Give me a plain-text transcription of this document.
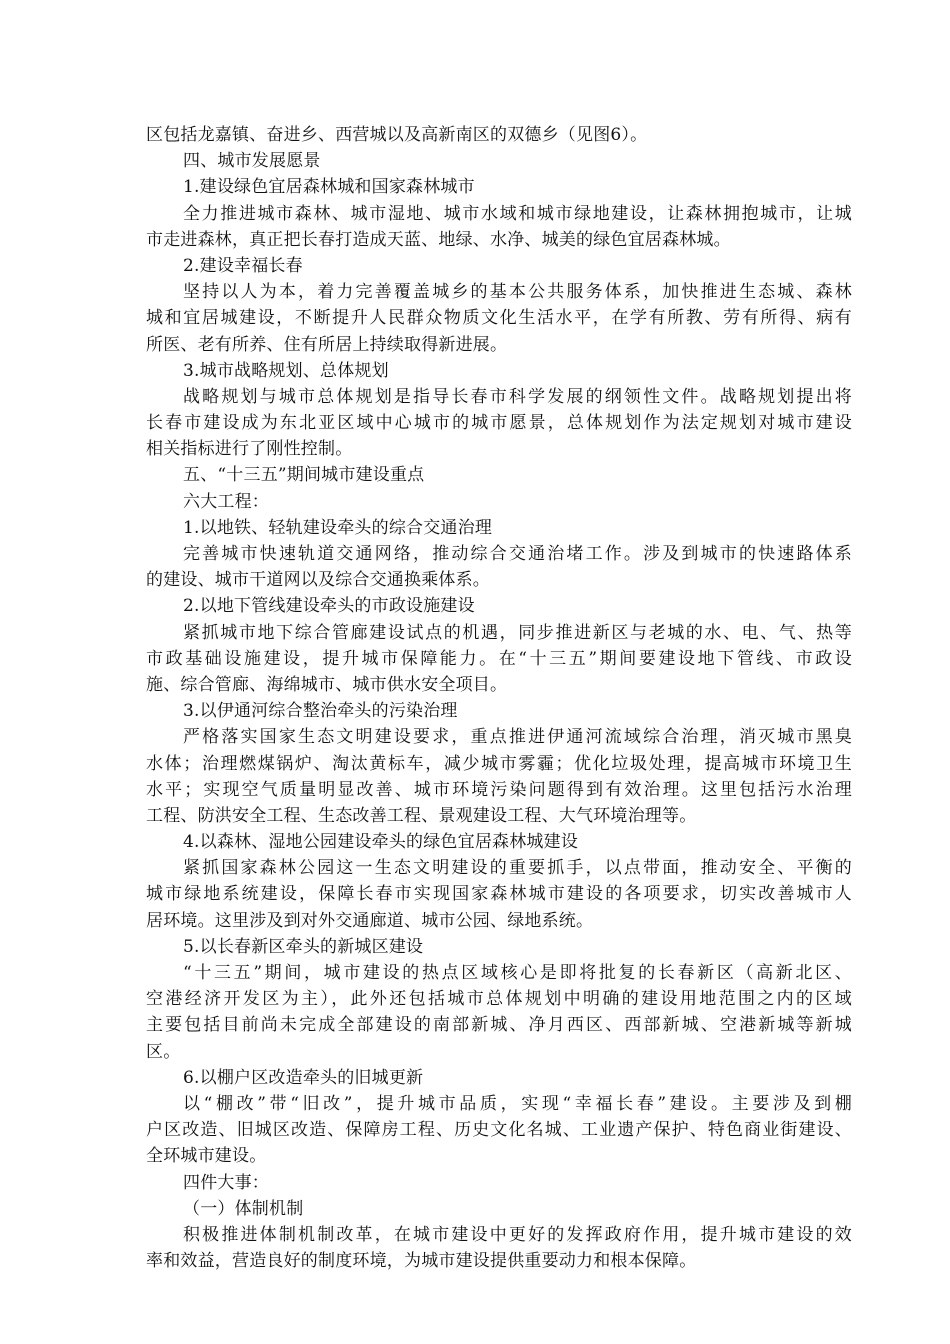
区包括龙嘉镇、奋进乡、西营城以及高新南区的双德乡（见图6）。
四、城市发展愿景
1.建设绿色宜居森林城和国家森林城市
全力推进城市森林、城市湿地、城市水域和城市绿地建设，让森林拥抱城市，让城
市走进森林，真正把长春打造成天蓝、地绿、水净、城美的绿色宜居森林城。
2.建设幸福长春
坚持以人为本，着力完善覆盖城乡的基本公共服务体系，加快推进生态城、森林
城和宜居城建设，不断提升人民群众物质文化生活水平，在学有所教、劳有所得、病有
所医、老有所养、住有所居上持续取得新进展。
3.城市战略规划、总体规划
战略规划与城市总体规划是指导长春市科学发展的纲领性文件。战略规划提出将
长春市建设成为东北亚区域中心城市的城市愿景，总体规划作为法定规划对城市建设
相关指标进行了刚性控制。
五、“十三五”期间城市建设重点
六大工程：
1.以地铁、轻轨建设牵头的综合交通治理
完善城市快速轨道交通网络，推动综合交通治堵工作。涉及到城市的快速路体系
的建设、城市干道网以及综合交通换乘体系。
2.以地下管线建设牵头的市政设施建设
紧抓城市地下综合管廊建设试点的机遇，同步推进新区与老城的水、电、气、热等
市政基础设施建设，提升城市保障能力。在“十三五”期间要建设地下管线、市政设
施、综合管廊、海绵城市、城市供水安全项目。
3.以伊通河综合整治牵头的污染治理
严格落实国家生态文明建设要求，重点推进伊通河流域综合治理，消灭城市黑臭
水体；治理燃煤锅炉、淘汰黄标车，减少城市雾霾；优化垃圾处理，提高城市环境卫生
水平；实现空气质量明显改善、城市环境污染问题得到有效治理。这里包括污水治理
工程、防洪安全工程、生态改善工程、景观建设工程、大气环境治理等。
4.以森林、湿地公园建设牵头的绿色宜居森林城建设
紧抓国家森林公园这一生态文明建设的重要抓手，以点带面，推动安全、平衡的
城市绿地系统建设，保障长春市实现国家森林城市建设的各项要求，切实改善城市人
居环境。这里涉及到对外交通廊道、城市公园、绿地系统。
5.以长春新区牵头的新城区建设
“十三五”期间，城市建设的热点区域核心是即将批复的长春新区（高新北区、
空港经济开发区为主），此外还包括城市总体规划中明确的建设用地范围之内的区域
主要包括目前尚未完成全部建设的南部新城、净月西区、西部新城、空港新城等新城
区。
6.以棚户区改造牵头的旧城更新
以“棚改”带“旧改”，提升城市品质，实现“幸福长春”建设。主要涉及到棚
户区改造、旧城区改造、保障房工程、历史文化名城、工业遗产保护、特色商业街建设、
全环城市建设。
四件大事：
（一）体制机制
积极推进体制机制改革，在城市建设中更好的发挥政府作用，提升城市建设的效
率和效益，营造良好的制度环境，为城市建设提供重要动力和根本保障。
